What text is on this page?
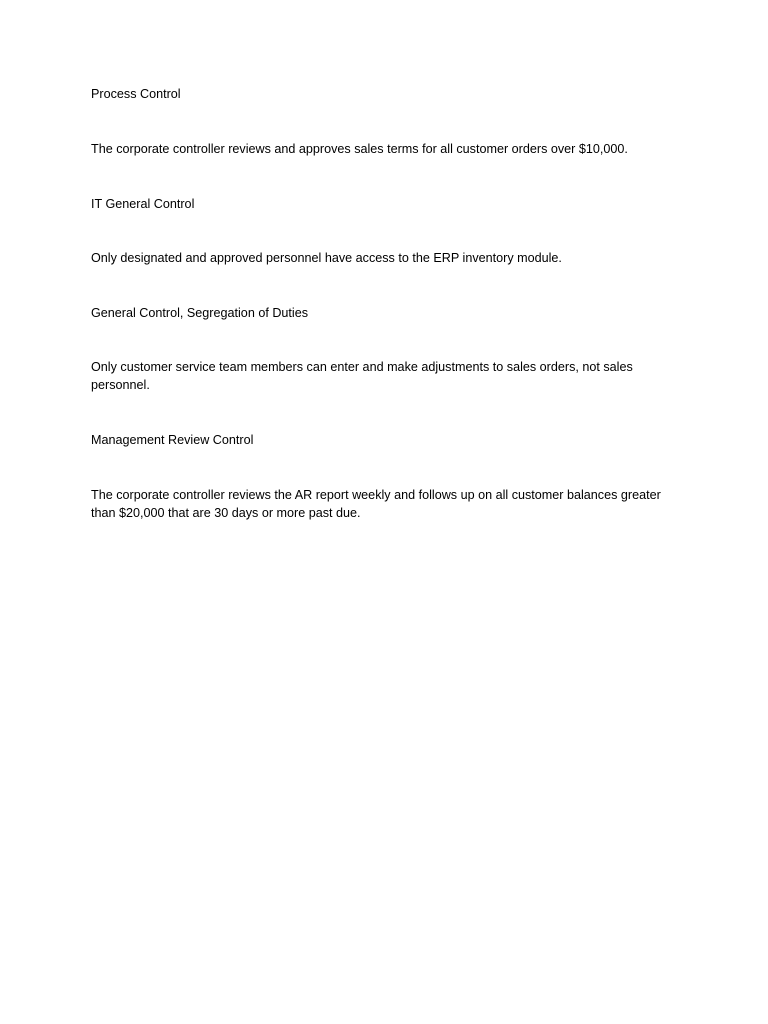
Process Control
The corporate controller reviews and approves sales terms for all customer orders over $10,000.
IT General Control
Only designated and approved personnel have access to the ERP inventory module.
General Control, Segregation of Duties
Only customer service team members can enter and make adjustments to sales orders, not sales personnel.
Management Review Control
The corporate controller reviews the AR report weekly and follows up on all customer balances greater than $20,000 that are 30 days or more past due.
